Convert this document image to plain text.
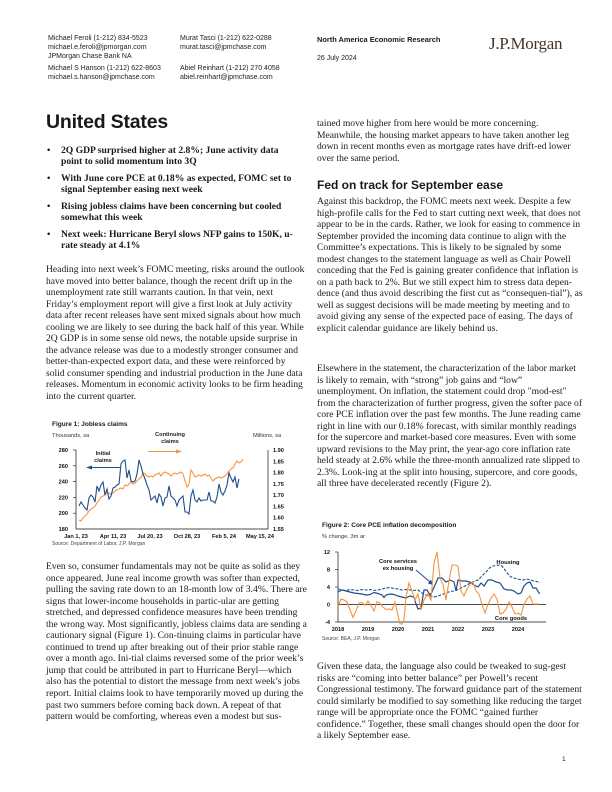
Michael Feroli (1-212) 834-5523
michael.e.feroli@jpmorgan.com
JPMorgan Chase Bank NA
Michael S Hanson (1-212) 622-8603
michael.s.hanson@jpmchase.com
Murat Tasci (1-212) 622-0288
murat.tasci@jpmchase.com
Abiel Reinhart (1-212) 270 4058
abiel.reinhart@jpmchase.com
North America Economic Research
26 July 2024
J.P.Morgan
United States
• 2Q GDP surprised higher at 2.8%; June activity data point to solid momentum into 3Q
• With June core PCE at 0.18% as expected, FOMC set to signal September easing next week
• Rising jobless claims have been concerning but cooled somewhat this week
• Next week: Hurricane Beryl slows NFP gains to 150K, u-rate steady at 4.1%

Heading into next week’s FOMC meeting, risks around the outlook have moved into better balance, though the recent drift up in the unemployment rate still warrants caution. In that vein, next Friday’s employment report will give a first look at July activity data after recent releases have sent mixed signals about how much cooling we are likely to see during the back half of this year. While 2Q GDP is in some sense old news, the notable upside surprise in the advance release was due to a modestly stronger consumer and better-than-expected export data, and these were reinforced by solid consumer spending and industrial production in the June data releases. Momentum in economic activity looks to be firm heading into the current quarter.

Figure 1: Jobless claims
Thousands, sa	Millions, sa
Continuing
claims
Initial
claims
280
260
240
220
200
180
1.90
1.85
1.80
1.75
1.70
1.65
1.60
1.55
Jan 1, 23 Apr 11, 23 Jul 20, 23 Oct 28, 23 Feb 5, 24 May 15, 24
Source: Department of Labor, J.P. Morgan

Even so, consumer fundamentals may not be quite as solid as they once appeared. June real income growth was softer than expected, pulling the saving rate down to an 18-month low of 3.4%. There are signs that lower-income households in partic-ular are getting stretched, and depressed confidence measures have been trending the wrong way. Most significantly, jobless claims data are sending a cautionary signal (Figure 1). Con-tinuing claims in particular have continued to trend up after breaking out of their prior stable range over a month ago. Ini-tial claims reversed some of the prior week’s jump that could be attributed in part to Hurricane Beryl—which also has the potential to distort the message from next week’s jobs report. Initial claims look to have temporarily moved up during the past two summers before coming back down. A repeat of that pattern would be comforting, whereas even a modest but sus-

tained move higher from here would be more concerning. Meanwhile, the housing market appears to have taken another leg down in recent months even as mortgage rates have drift-ed lower over the same period.

Fed on track for September ease

Against this backdrop, the FOMC meets next week. Despite a few high-profile calls for the Fed to start cutting next week, that does not appear to be in the cards. Rather, we look for easing to commence in September provided the incoming data continue to align with the Committee’s expectations. This is likely to be signaled by some modest changes to the statement language as well as Chair Powell conceding that the Fed is gaining greater confidence that inflation is on a path back to 2%. But we still expect him to stress data depen-dence (and thus avoid describing the first cut as “consequen-tial”), as well as suggest decisions will be made meeting by meeting and to avoid giving any sense of the expected pace of easing. The days of explicit calendar guidance are likely behind us.

Elsewhere in the statement, the characterization of the labor market is likely to remain, with “strong” job gains and “low” unemployment. On inflation, the statement could drop "mod-est" from the characterization of further progress, given the softer pace of core PCE inflation over the past few months. The June reading came right in line with our 0.18% forecast, with similar monthly readings for the supercore and market-based core measures. Even with some upward revisions to the May print, the year-ago core inflation rate held steady at 2.6% while the three-month annualized rate slipped to 2.3%. Look-ing at the split into housing, supercore, and core goods, all three have decelerated recently (Figure 2).

Figure 2: Core PCE inflation decomposition
% change, 3m ar
12
8
4
0
-4
2018	2019	2020	2021	2022	2023	2024
Core services
ex housing
Housing
Core goods
Source: BEA, J.P. Morgan

Given these data, the language also could be tweaked to sug-gest risks are “coming into better balance” per Powell’s recent Congressional testimony. The forward guidance part of the statement could similarly be modified to say something like reducing the target range will be appropriate once the FOMC “gained further confidence.” Together, these small changes should open the door for a likely September ease.

1
